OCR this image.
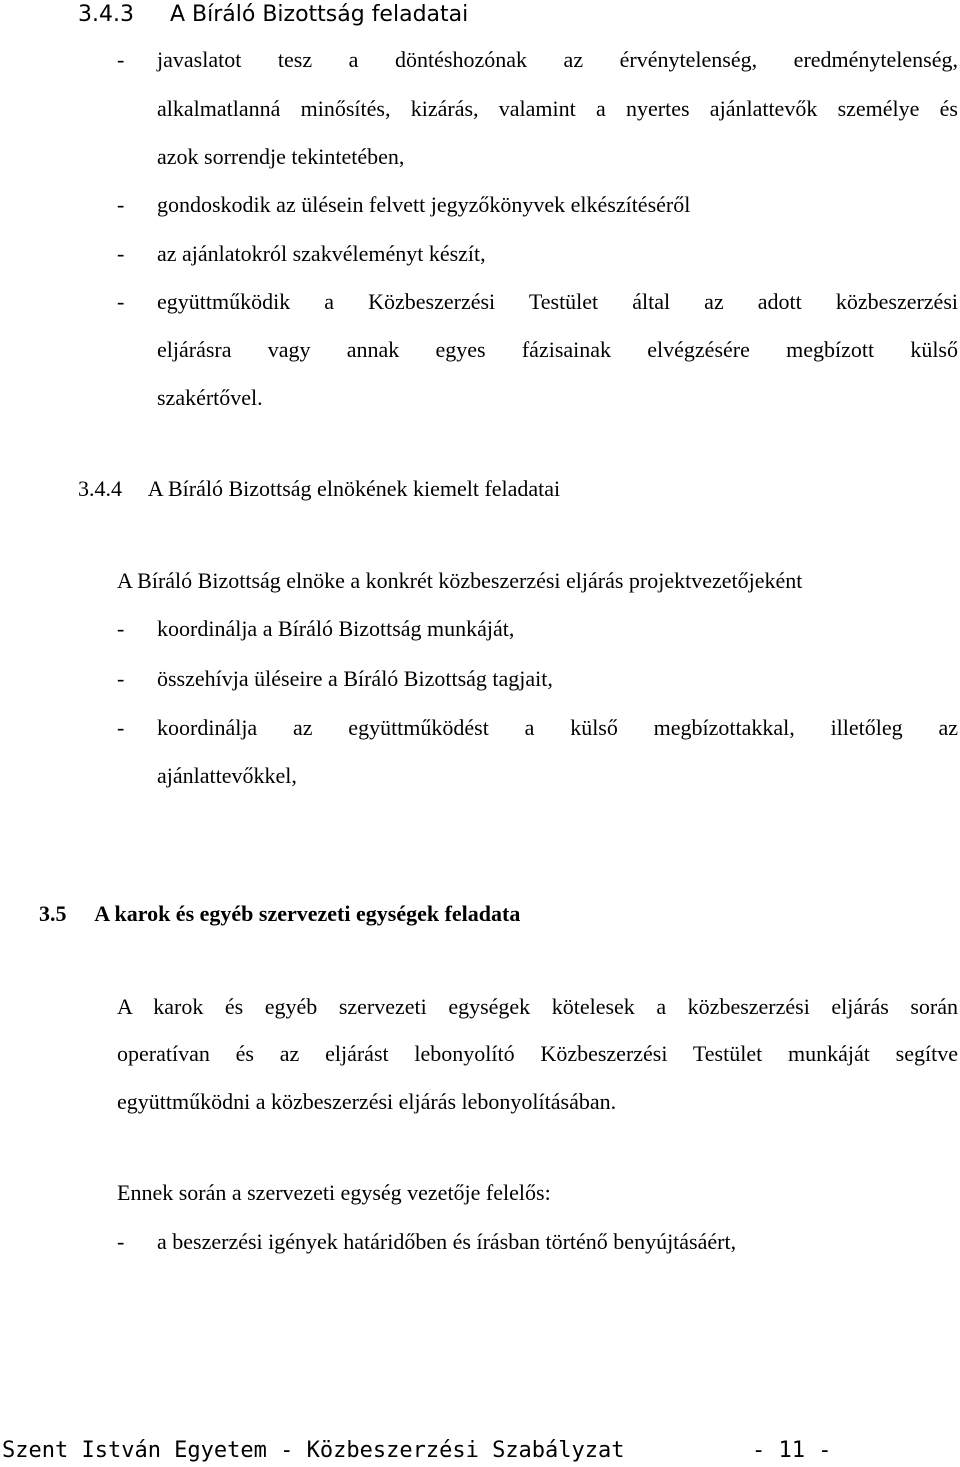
3.4.3 A Bíráló Bizottság feladatai
- javaslatot tesz a döntéshozónak az érvénytelenség, eredménytelenség,
alkalmatlanná minősítés, kizárás, valamint a nyertes ajánlattevők személye és
azok sorrendje tekintetében,
- gondoskodik az ülésein felvett jegyzőkönyvek elkészítéséről
- az ajánlatokról szakvéleményt készít,
- együttműködik a Közbeszerzési Testület által az adott közbeszerzési
eljárásra vagy annak egyes fázisainak elvégzésére megbízott külső
szakértővel.
3.4.4 A Bíráló Bizottság elnökének kiemelt feladatai
A Bíráló Bizottság elnöke a konkrét közbeszerzési eljárás projektvezetőjeként
- koordinálja a Bíráló Bizottság munkáját,
- összehívja üléseire a Bíráló Bizottság tagjait,
- koordinálja az együttműködést a külső megbízottakkal, illetőleg az
ajánlattevőkkel,
3.5 A karok és egyéb szervezeti egységek feladata
A karok és egyéb szervezeti egységek kötelesek a közbeszerzési eljárás során
operatívan és az eljárást lebonyolító Közbeszerzési Testület munkáját segítve
együttműködni a közbeszerzési eljárás lebonyolításában.
Ennek során a szervezeti egység vezetője felelős:
- a beszerzési igények határidőben és írásban történő benyújtásáért,
Szent István Egyetem - Közbeszerzési Szabályzat	- 11 -
